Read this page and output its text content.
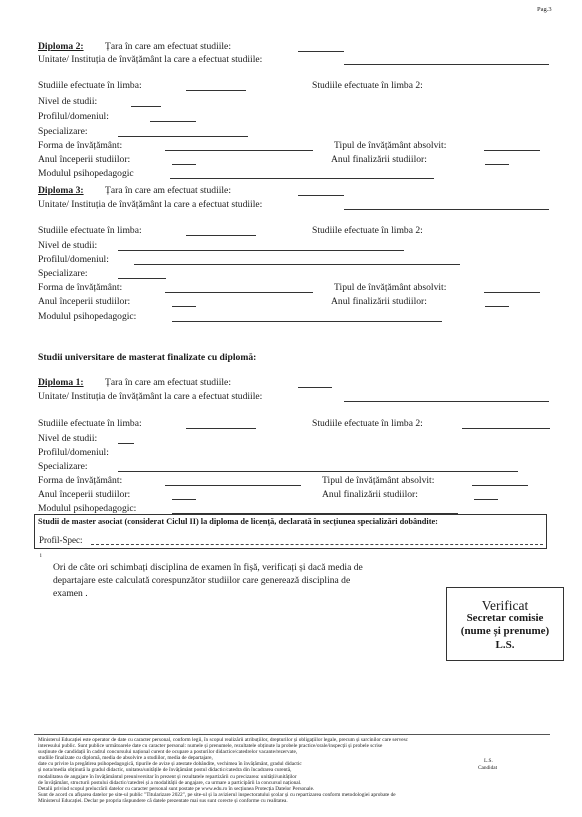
Pag.3
Diploma 2: Țara în care am efectuat studiile:
Unitate/ Instituția de învățământ la care a efectuat studiile:
Studiile efectuate în limba:	Studiile efectuate în limba 2:
Nivel de studii:
Profilul/domeniul:
Specializare:
Forma de învățământ:	Tipul de învățământ absolvit:
Anul începerii studiilor:	Anul finalizării studiilor:
Modulul psihopedagogic
Diploma 3: Țara în care am efectuat studiile:
Unitate/ Instituția de învățământ la care a efectuat studiile:
Studiile efectuate în limba:	Studiile efectuate în limba 2:
Nivel de studii:
Profilul/domeniul:
Specializare:
Forma de învățământ:	Tipul de învățământ absolvit:
Anul începerii studiilor:	Anul finalizării studiilor:
Modulul psihopedagogic:
Studii universitare de masterat finalizate cu diplomă:
Diploma 1: Țara în care am efectuat studiile:
Unitate/ Instituția de învățământ la care a efectuat studiile:
Studiile efectuate în limba:	Studiile efectuate în limba 2:
Nivel de studii:
Profilul/domeniul:
Specializare:
Forma de învățământ:	Tipul de învățământ absolvit:
Anul începerii studiilor:	Anul finalizării studiilor:
Modulul psihopedagogic:
Studii de master asociat (considerat Ciclul II) la diploma de licență, declarată în secțiunea specializări dobândite:
Profil-Spec:
i
Ori de câte ori schimbați disciplina de examen în fișă, verificați și dacă media de
departajare este calculată corespunzător studiilor care generează disciplina de
examen .
Verificat
Secretar comisie
(nume și prenume)
L.S.
Ministerul Educației este operator de date cu caracter personal, conform legii, în scopul realizării atribuțiilor, drepturilor și obligațiilor legale, precum și sarcinilor care servesc
interesului public. Sunt publice următoarele date cu caracter personal: numele și prenumele, rezultatele obținute la probele practice/orale/inspecții și probele scrise
susținute de candidații în cadrul concursului național curent de ocupare a posturilor didactice/catedrelor vacante/rezervate,
studiile finalizate cu diplomă, media de absolvire a studiilor, media de departajare,
date cu privire la pregătirea psihopedagogică, tipurile de avize și atestate dobândite, vechimea în învățământ, gradul didactic
și nota/media obținută la gradul didactic, unitatea/unitățile de învățământ postul didactic/catedra din încadrarea curentă,
modalitatea de angajare în învățământul preuniversitar în prezent și rezultatele repartizării cu precizarea: unității/unităților
de învățământ, structurii postului didactic/catedrei și a modalității de angajare, ca urmare a participării la concursul național.
Detalii privind scopul prelucrării datelor cu caracter personal sunt postate pe www.edu.ro în secțiunea Protecția Datelor Personale.
Sunt de acord cu afișarea datelor pe site-ul public "Titularizare 2022", pe site-ul și la avizierul inspectoratului școlar și cu repartizarea conform metodologiei aprobate de
Ministerul Educației. Declar pe propria răspundere că datele prezentate mai sus sunt corecte și conforme cu realitatea.
L.S.
Candidat
